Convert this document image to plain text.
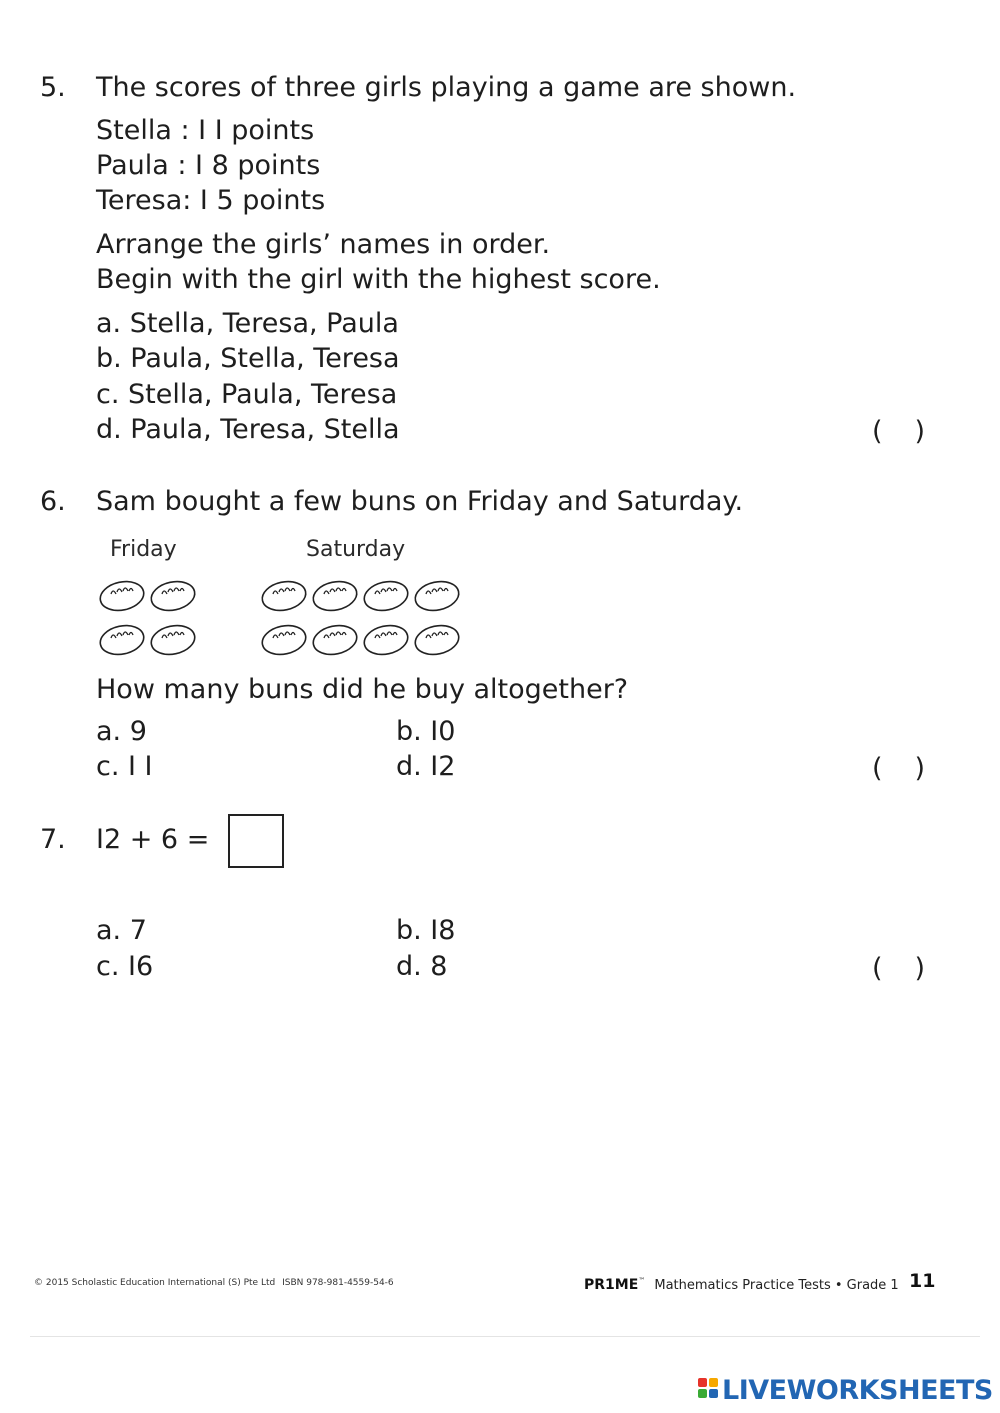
5. The scores of three girls playing a game are shown.
Stella : I I points
Paula : I 8 points
Teresa: I 5 points
Arrange the girls’ names in order.
Begin with the girl with the highest score.
a. Stella, Teresa, Paula
b. Paula, Stella, Teresa
c. Stella, Paula, Teresa
d. Paula, Teresa, Stella	( )
6. Sam bought a few buns on Friday and Saturday.
Friday	Saturday
How many buns did he buy altogether?
a. 9	b. I0
c. I I	d. I2	( )
7. I2 + 6 =
a. 7	b. I8
c. I6	d. 8	( )
© 2015 Scholastic Education International (S) Pte Ltd ISBN 978-981-4559-54-6	PR1ME™ Mathematics Practice Tests • Grade 1 11
LIVEWORKSHEETS
